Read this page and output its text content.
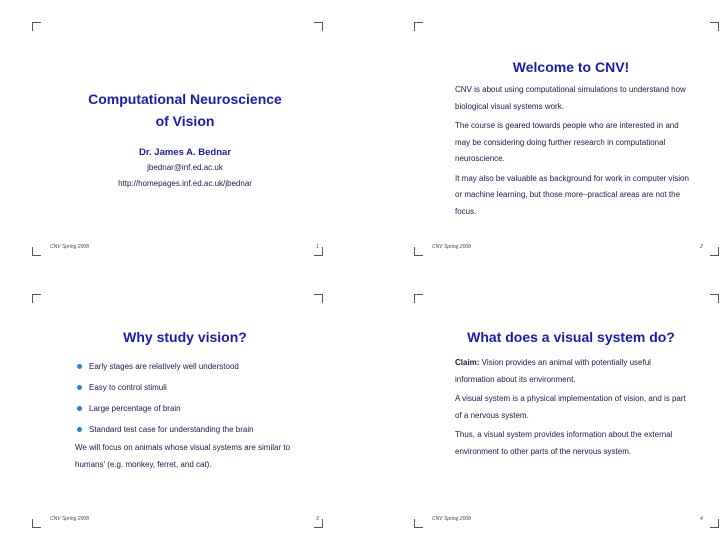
Computational Neuroscience
of Vision
Dr. James A. Bednar
jbednar@inf.ed.ac.uk
http://homepages.inf.ed.ac.uk/jbednar
CNV Spring 2008	1
Welcome to CNV!
CNV is about using computational simulations to understand how biological visual systems work.
The course is geared towards people who are interested in and may be considering doing further research in computational neuroscience.
It may also be valuable as background for work in computer vision or machine learning, but those more–practical areas are not the focus.
CNV Spring 2008	2
Why study vision?
Early stages are relatively well understood
Easy to control stimuli
Large percentage of brain
Standard test case for understanding the brain
We will focus on animals whose visual systems are similar to humans' (e.g. monkey, ferret, and cat).
CNV Spring 2008	3
What does a visual system do?
Claim: Vision provides an animal with potentially useful information about its environment.
A visual system is a physical implementation of vision, and is part of a nervous system.
Thus, a visual system provides information about the external environment to other parts of the nervous system.
CNV Spring 2008	4
